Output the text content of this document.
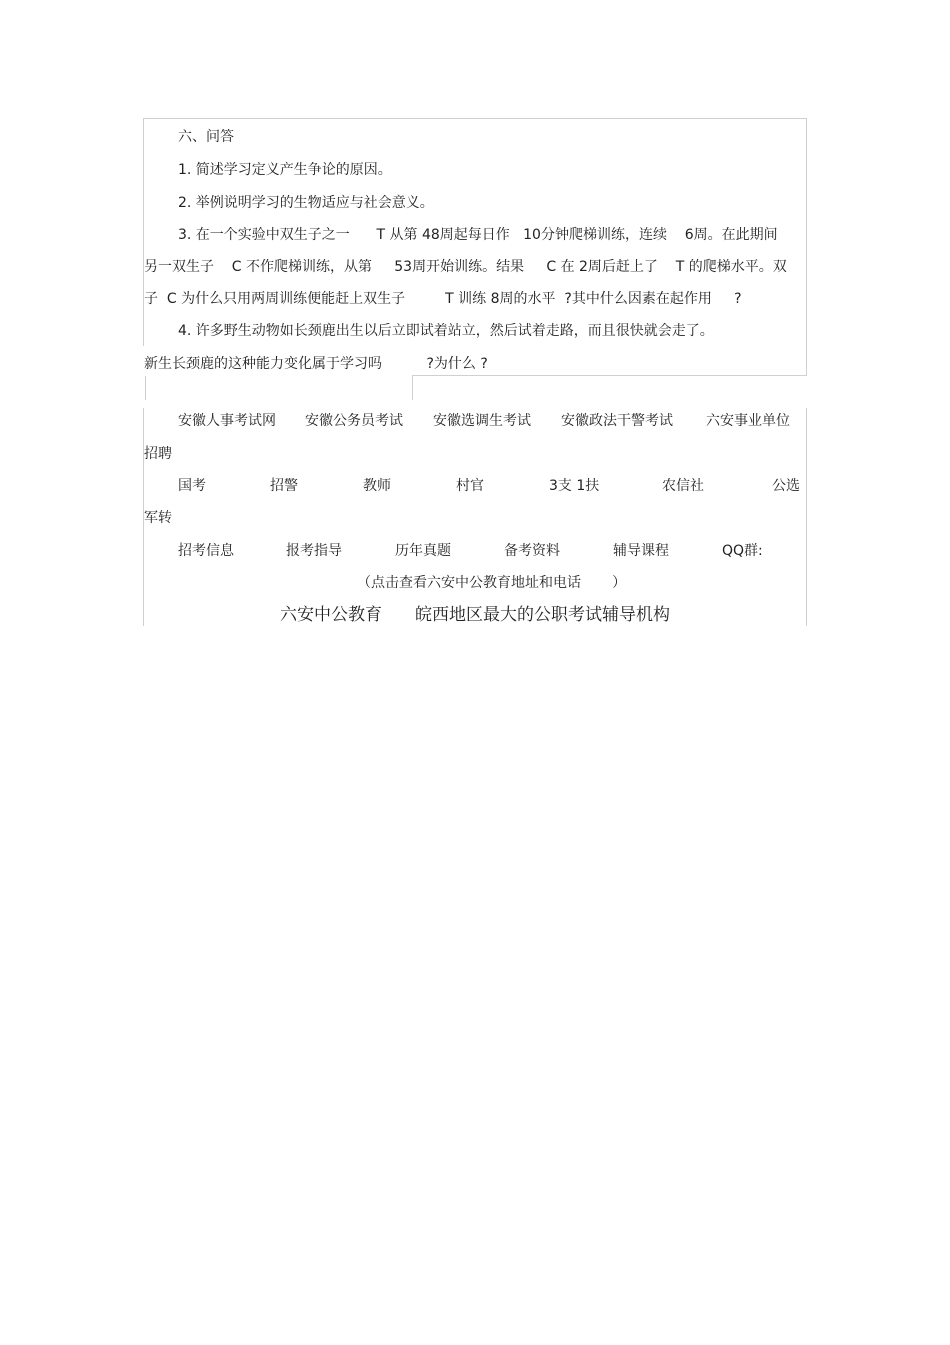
六、问答
1. 简述学习定义产生争论的原因。
2. 举例说明学习的生物适应与社会意义。
3. 在一个实验中双生子之一      T 从第 48周起每日作   10分钟爬梯训练，连续    6周。在此期间
另一双生子    C 不作爬梯训练，从第     53周开始训练。结果     C 在 2周后赶上了    T 的爬梯水平。双
子  C 为什么只用两周训练便能赶上双生子         T 训练 8周的水平  ?其中什么因素在起作用     ?
4. 许多野生动物如长颈鹿出生以后立即试着站立，然后试着走路，而且很快就会走了。
新生长颈鹿的这种能力变化属于学习吗          ?为什么 ?
安徽人事考试网 安徽公务员考试 安徽选调生考试 安徽政法干警考试 六安事业单位
招聘
国考	招警	教师	村官	3支 1扶	农信社	公选
军转
招考信息	报考指导	历年真题	备考资料	辅导课程	QQ群:
（点击查看六安中公教育地址和电话       ）
六安中公教育 皖西地区最大的公职考试辅导机构
